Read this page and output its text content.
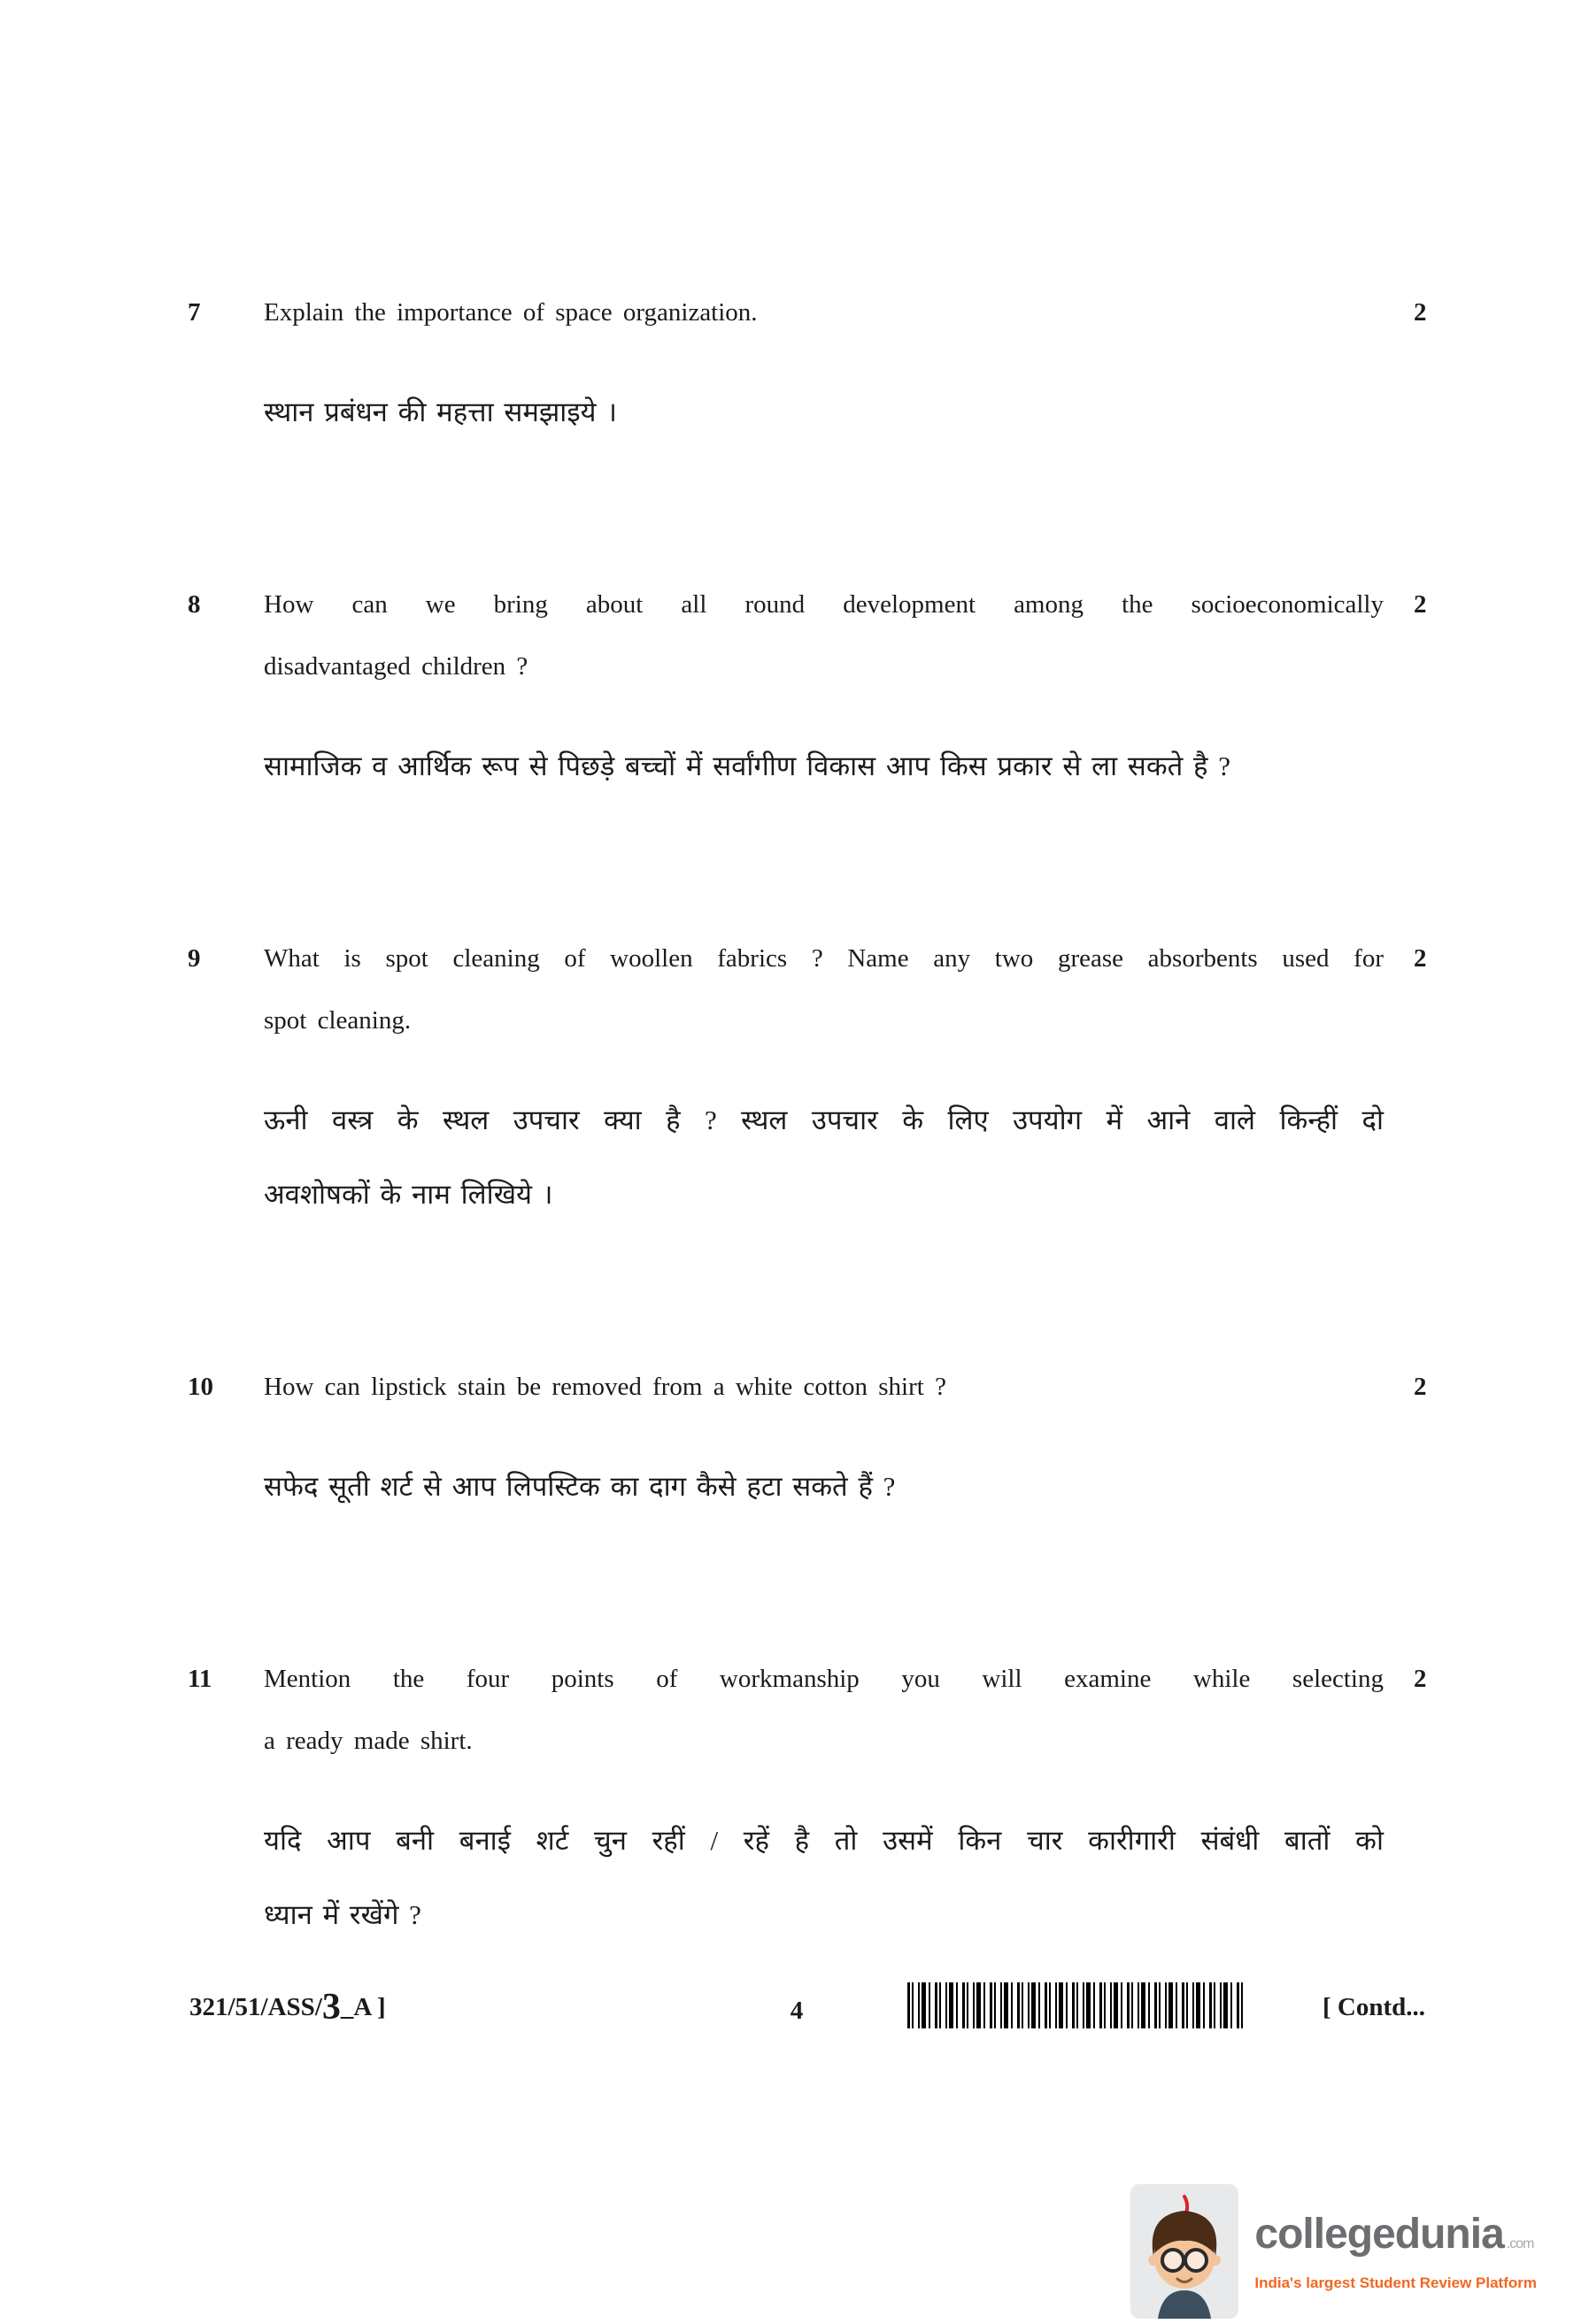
7	2
Explain the importance of space organization.
स्थान प्रबंधन की महत्ता समझाइये ।
8	2
How can we bring about all round development among the socioeconomically
disadvantaged children ?
सामाजिक व आर्थिक रूप से पिछड़े बच्चों में सर्वांगीण विकास आप किस प्रकार से ला सकते है ?
9	2
What is spot cleaning of woollen fabrics ? Name any two grease absorbents used for
spot cleaning.
ऊनी वस्त्र के स्थल उपचार क्या है ? स्थल उपचार के लिए उपयोग में आने वाले किन्हीं दो
अवशोषकों के नाम लिखिये ।
10	2
How can lipstick stain be removed from a white cotton shirt ?
सफेद सूती शर्ट से आप लिपस्टिक का दाग कैसे हटा सकते हैं ?
11	2
Mention the four points of workmanship you will examine while selecting
a ready made shirt.
यदि आप बनी बनाई शर्ट चुन रहीं / रहें है तो उसमें किन चार कारीगारी संबंधी बातों को
ध्यान में रखेंगे ?
321/51/ASS/3_A ]	4	[ Contd...
collegedunia .com
India's largest Student Review Platform
